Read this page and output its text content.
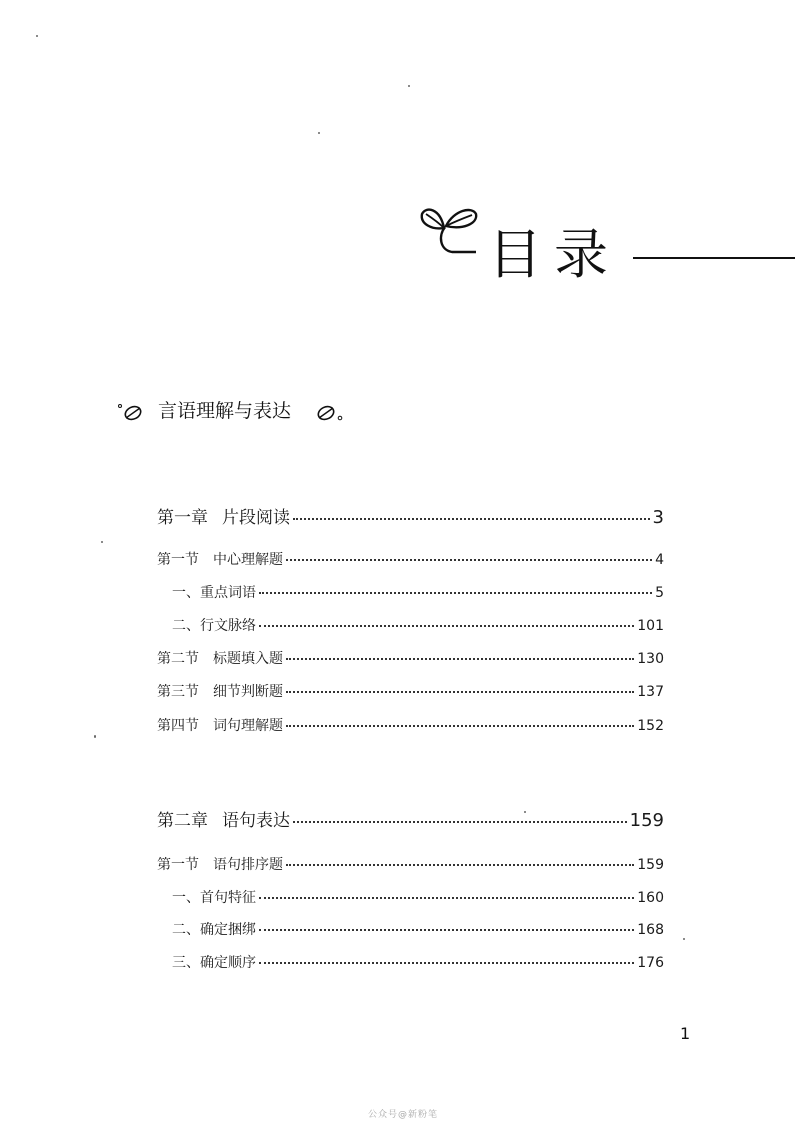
目录
言语理解与表达
第一章 片段阅读	3
第一节 中心理解题	4
一、重点词语	5
二、行文脉络	101
第二节 标题填入题	130
第三节 细节判断题	137
第四节 词句理解题	152
第二章 语句表达	159
第一节 语句排序题	159
一、首句特征	160
二、确定捆绑	168
三、确定顺序	176
1
公众号@新粉笔
